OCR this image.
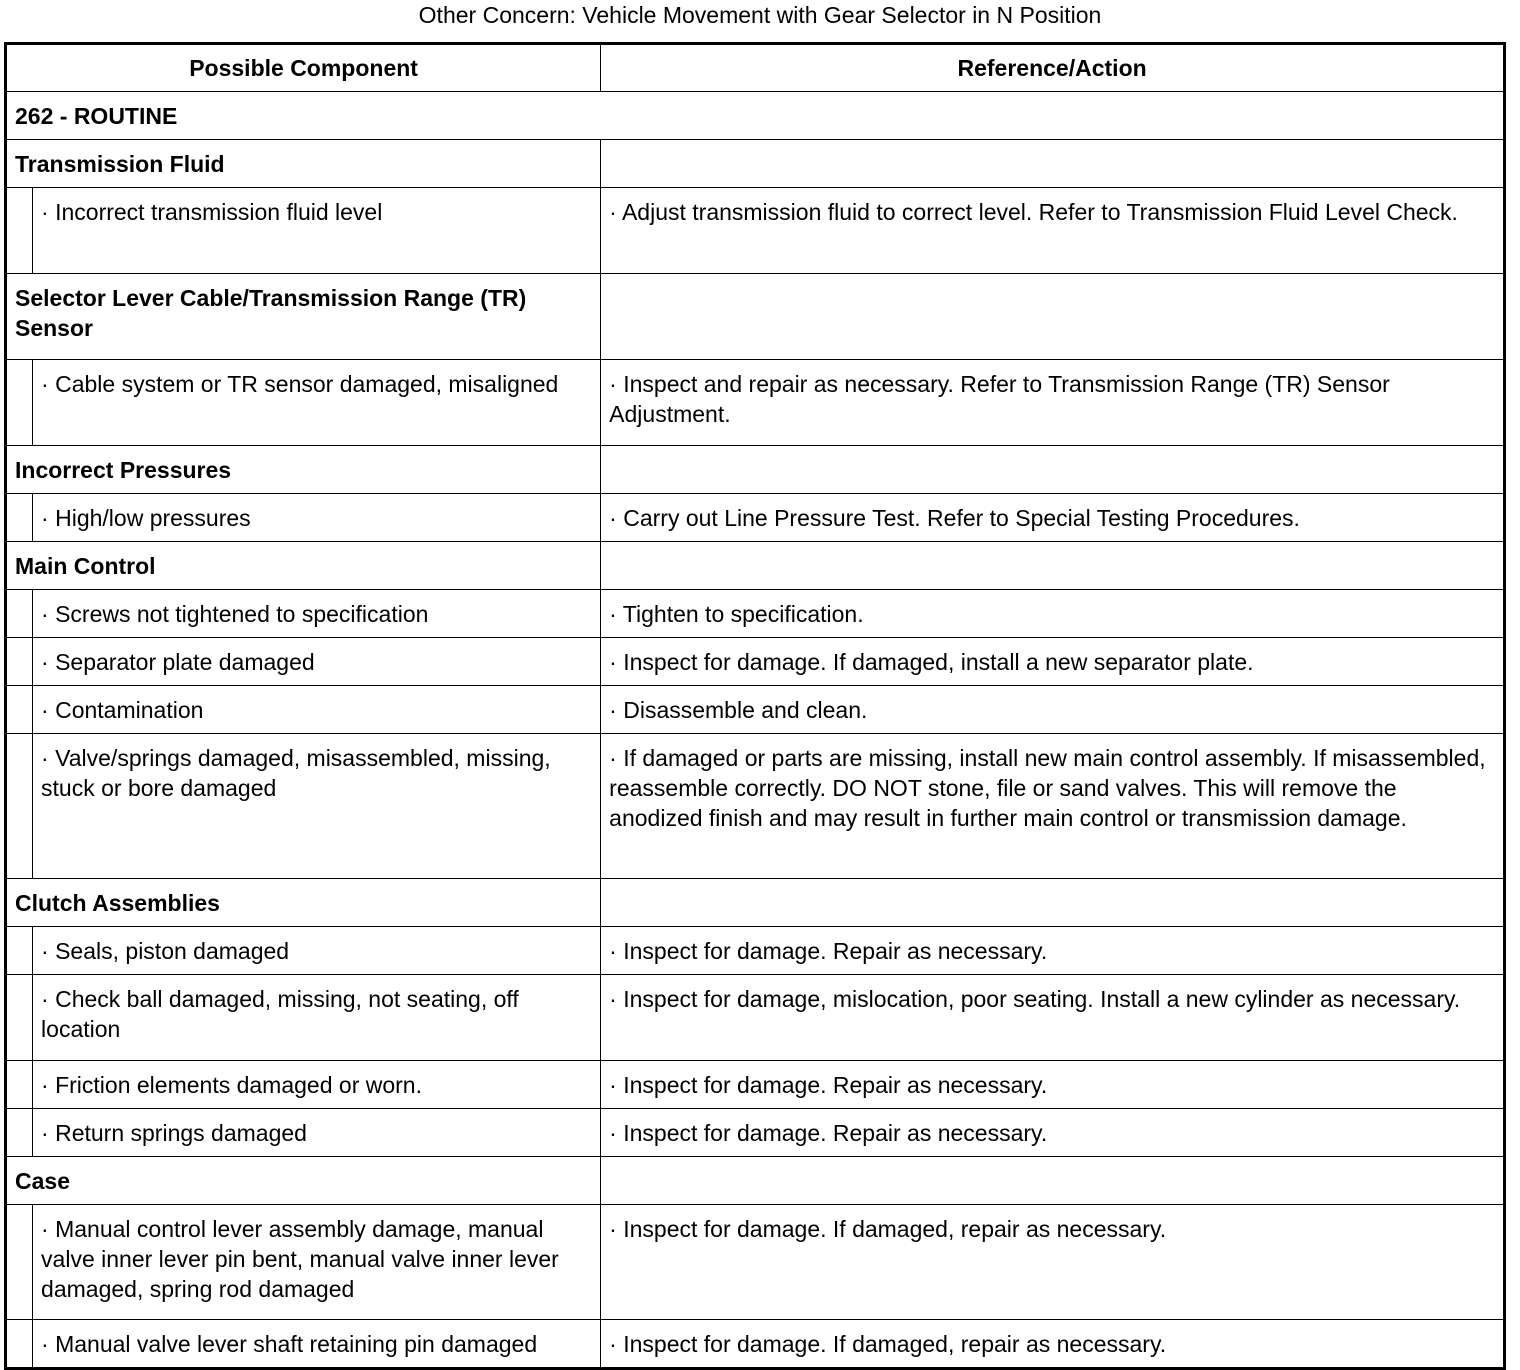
Other Concern: Vehicle Movement with Gear Selector in N Position

Possible Component		Reference/Action
262 - ROUTINE		
Transmission Fluid		
	· Incorrect transmission fluid level	· Adjust transmission fluid to correct level. Refer to Transmission Fluid Level Check.
Selector Lever Cable/Transmission Range (TR) Sensor		
	· Cable system or TR sensor damaged, misaligned	· Inspect and repair as necessary. Refer to Transmission Range (TR) Sensor Adjustment.
Incorrect Pressures		
	· High/low pressures	· Carry out Line Pressure Test. Refer to Special Testing Procedures.
Main Control		
	· Screws not tightened to specification	· Tighten to specification.
	· Separator plate damaged	· Inspect for damage. If damaged, install a new separator plate.
	· Contamination	· Disassemble and clean.
	· Valve/springs damaged, misassembled, missing, stuck or bore damaged	· If damaged or parts are missing, install new main control assembly. If misassembled, reassemble correctly. DO NOT stone, file or sand valves. This will remove the anodized finish and may result in further main control or transmission damage.
Clutch Assemblies		
	· Seals, piston damaged	· Inspect for damage. Repair as necessary.
	· Check ball damaged, missing, not seating, off location	· Inspect for damage, mislocation, poor seating. Install a new cylinder as necessary.
	· Friction elements damaged or worn.	· Inspect for damage. Repair as necessary.
	· Return springs damaged	· Inspect for damage. Repair as necessary.
Case		
	· Manual control lever assembly damage, manual valve inner lever pin bent, manual valve inner lever damaged, spring rod damaged	· Inspect for damage. If damaged, repair as necessary.
	· Manual valve lever shaft retaining pin damaged	· Inspect for damage. If damaged, repair as necessary.
